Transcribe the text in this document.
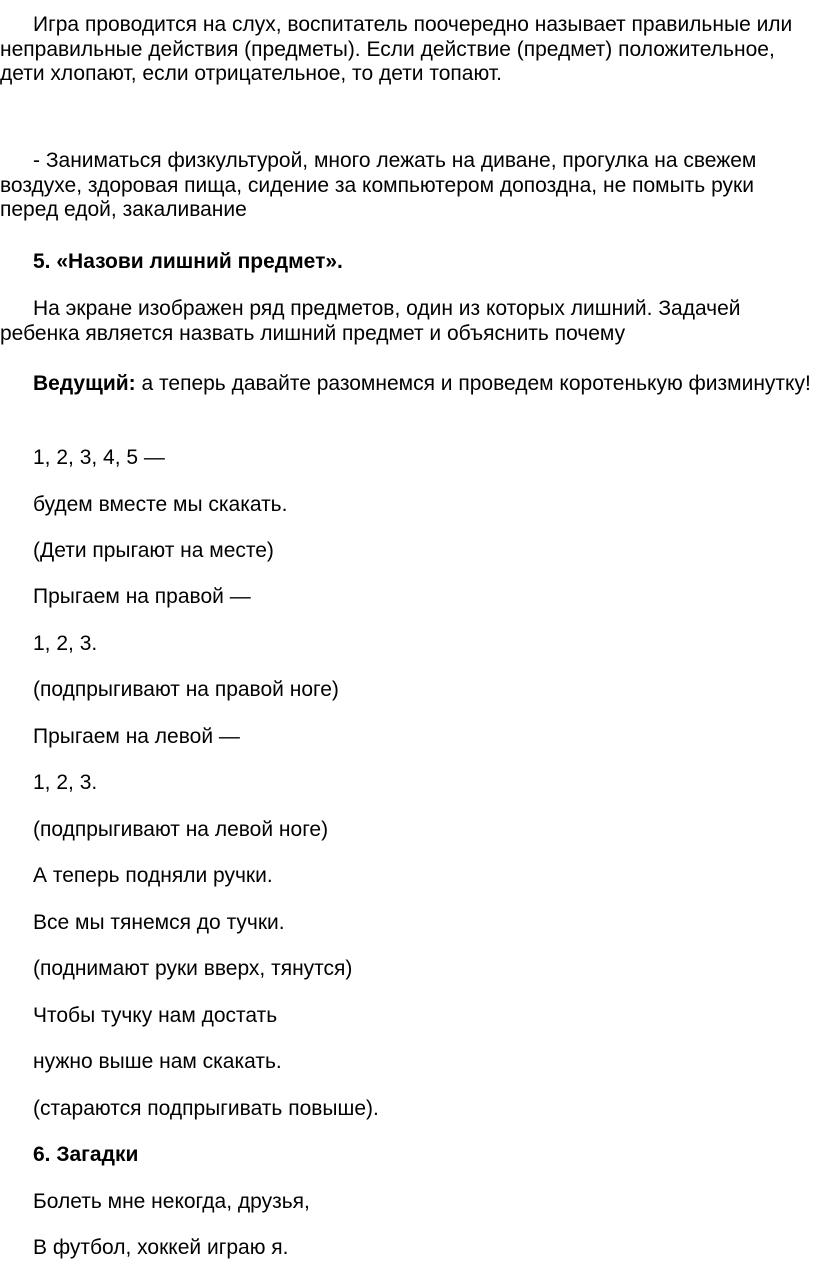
Игра проводится на слух, воспитатель поочередно называет правильные или неправильные действия (предметы). Если действие (предмет) положительное, дети хлопают, если отрицательное, то дети топают.

- Заниматься физкультурой, много лежать на диване, прогулка на свежем воздухе, здоровая пища, сидение за компьютером допоздна, не помыть руки перед едой, закаливание

5. «Назови лишний предмет».

На экране изображен ряд предметов, один из которых лишний. Задачей ребенка является назвать лишний предмет и объяснить почему

Ведущий: а теперь давайте разомнемся и проведем коротенькую физминутку!

1, 2, 3, 4, 5 —

будем вместе мы скакать.

(Дети прыгают на месте)

Прыгаем на правой —

1, 2, 3.

(подпрыгивают на правой ноге)

Прыгаем на левой —

1, 2, 3.

(подпрыгивают на левой ноге)

А теперь подняли ручки.

Все мы тянемся до тучки.

(поднимают руки вверх, тянутся)

Чтобы тучку нам достать

нужно выше нам скакать.

(стараются подпрыгивать повыше).

6. Загадки

Болеть мне некогда, друзья,

В футбол, хоккей играю я.
